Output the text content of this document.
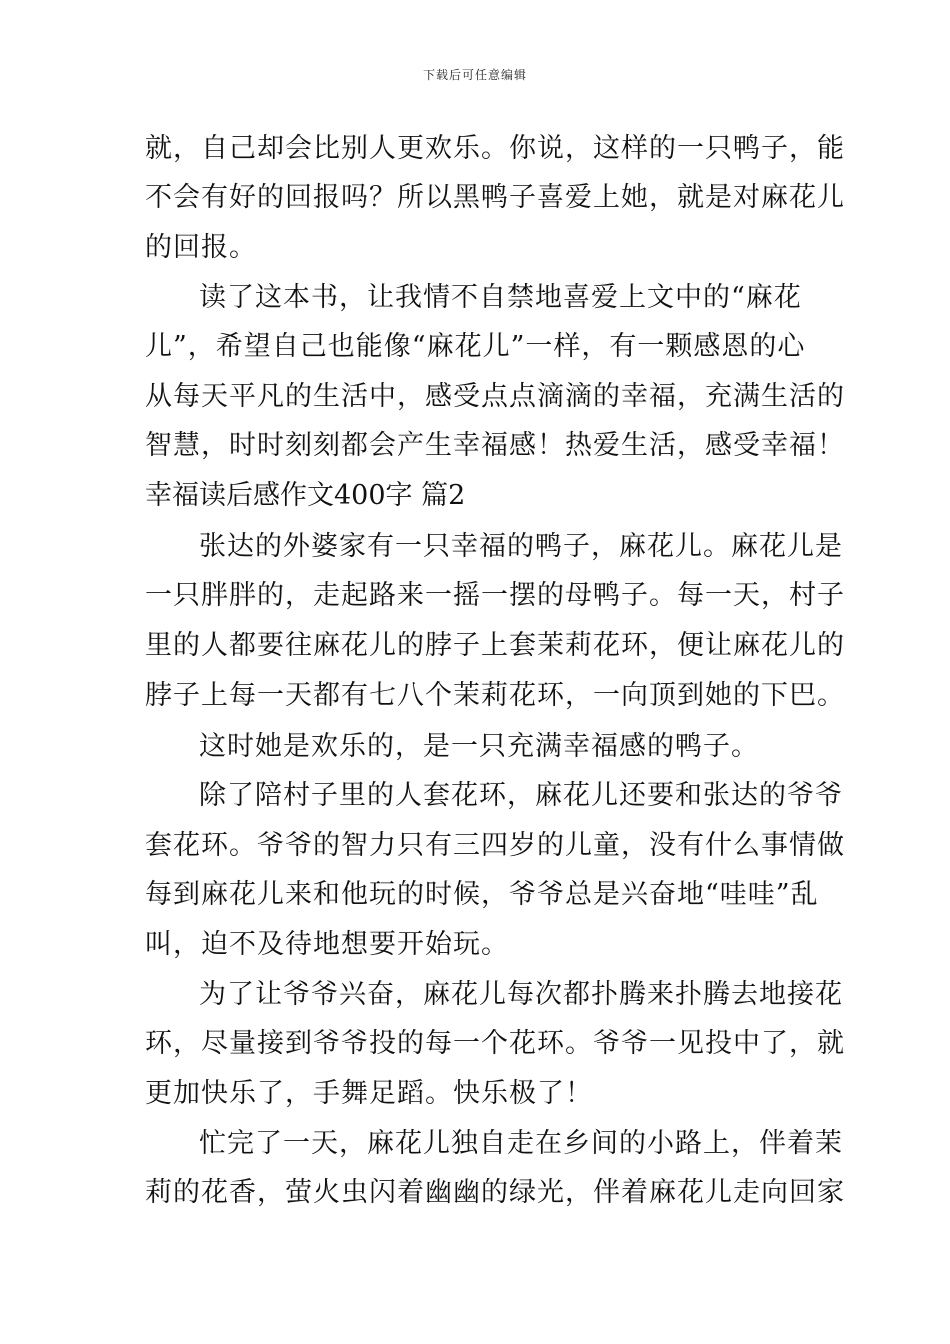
下载后可任意编辑
就，自己却会比别人更欢乐。你说，这样的一只鸭子，能
不会有好的回报吗？所以黑鸭子喜爱上她，就是对麻花儿
的回报。
读了这本书，让我情不自禁地喜爱上文中的“麻花
儿”，希望自己也能像“麻花儿”一样，有一颗感恩的心
从每天平凡的生活中，感受点点滴滴的幸福，充满生活的
智慧，时时刻刻都会产生幸福感！热爱生活，感受幸福！
幸福读后感作文400字 篇2
张达的外婆家有一只幸福的鸭子，麻花儿。麻花儿是
一只胖胖的，走起路来一摇一摆的母鸭子。每一天，村子
里的人都要往麻花儿的脖子上套茉莉花环，便让麻花儿的
脖子上每一天都有七八个茉莉花环，一向顶到她的下巴。
这时她是欢乐的，是一只充满幸福感的鸭子。
除了陪村子里的人套花环，麻花儿还要和张达的爷爷
套花环。爷爷的智力只有三四岁的儿童，没有什么事情做
每到麻花儿来和他玩的时候，爷爷总是兴奋地“哇哇”乱
叫，迫不及待地想要开始玩。
为了让爷爷兴奋，麻花儿每次都扑腾来扑腾去地接花
环，尽量接到爷爷投的每一个花环。爷爷一见投中了，就
更加快乐了，手舞足蹈。快乐极了！
忙完了一天，麻花儿独自走在乡间的小路上，伴着茉
莉的花香，萤火虫闪着幽幽的绿光，伴着麻花儿走向回家
